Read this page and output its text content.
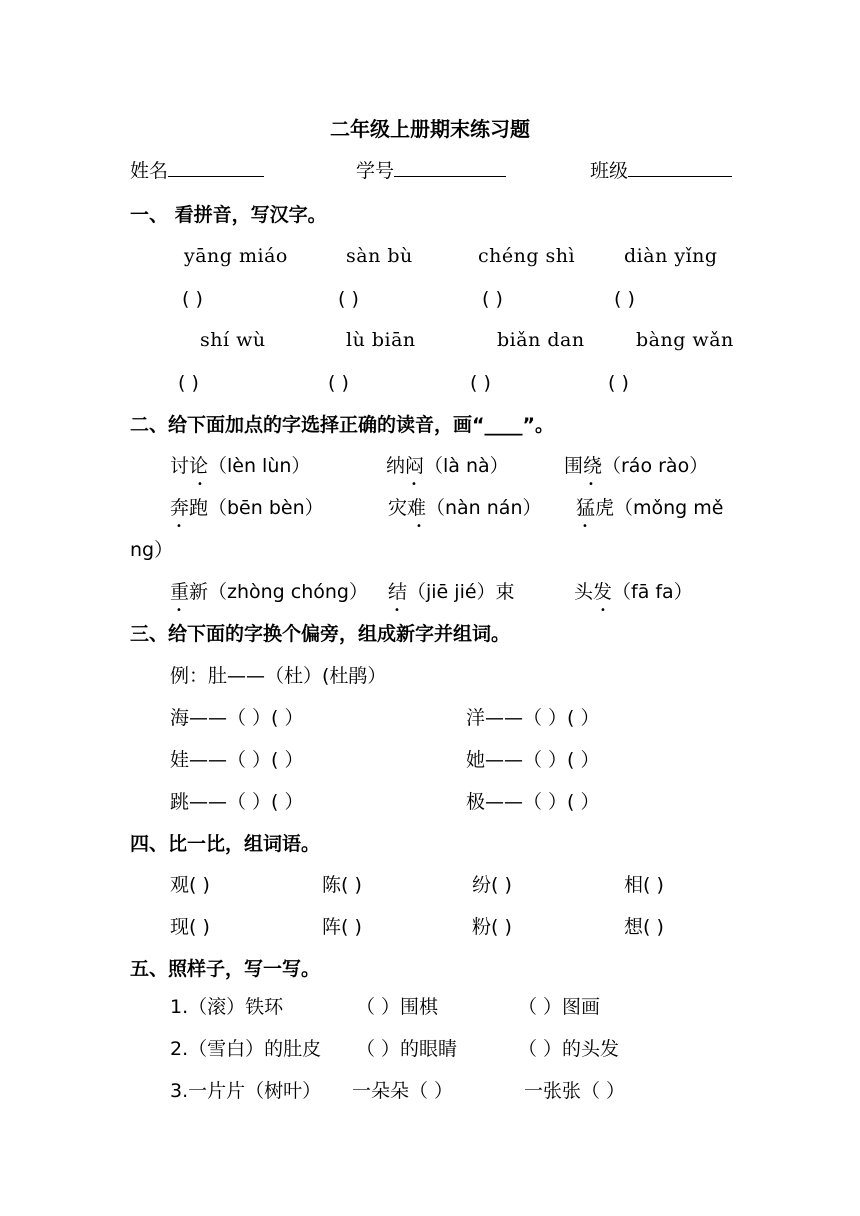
二年级上册期末练习题
姓名	学号	班级
一、 看拼音，写汉字。
yāng miáo	sàn bù	chéng shì	diàn yǐng
( )	( )	( )	( )
shí wù	lù biān	biǎn dan	bàng wǎn
( )	( )	( )	( )
二、给下面加点的字选择正确的读音，画“____”。
讨论（lèn lùn）	纳闷（là nà）	围绕（ráo rào）
•	•	•
奔跑（bēn bèn）	灾难（nàn nán） 猛虎（mǒng mě
•	•	•
ng）
重新（zhòng chóng） 结（jiē jié）束	头发（fā fa）
•	•	•
三、给下面的字换个偏旁，组成新字并组词。
例：肚——（杜）(杜鹃）
海——（ ）( ）	洋——（ ）( ）
娃——（ ）( ）	她——（ ）( ）
跳——（ ）( ）	极——（ ）( ）
四、比一比，组词语。
观( )	陈( )	纷( )	相( )
现( )	阵( )	粉( )	想( )
五、照样子，写一写。
1.（滚）铁环	（ ）围棋	（ ）图画
2.（雪白）的肚皮 （ ）的眼睛	（ ）的头发
3.一片片（树叶） 一朵朵（ ）	一张张（ ）
